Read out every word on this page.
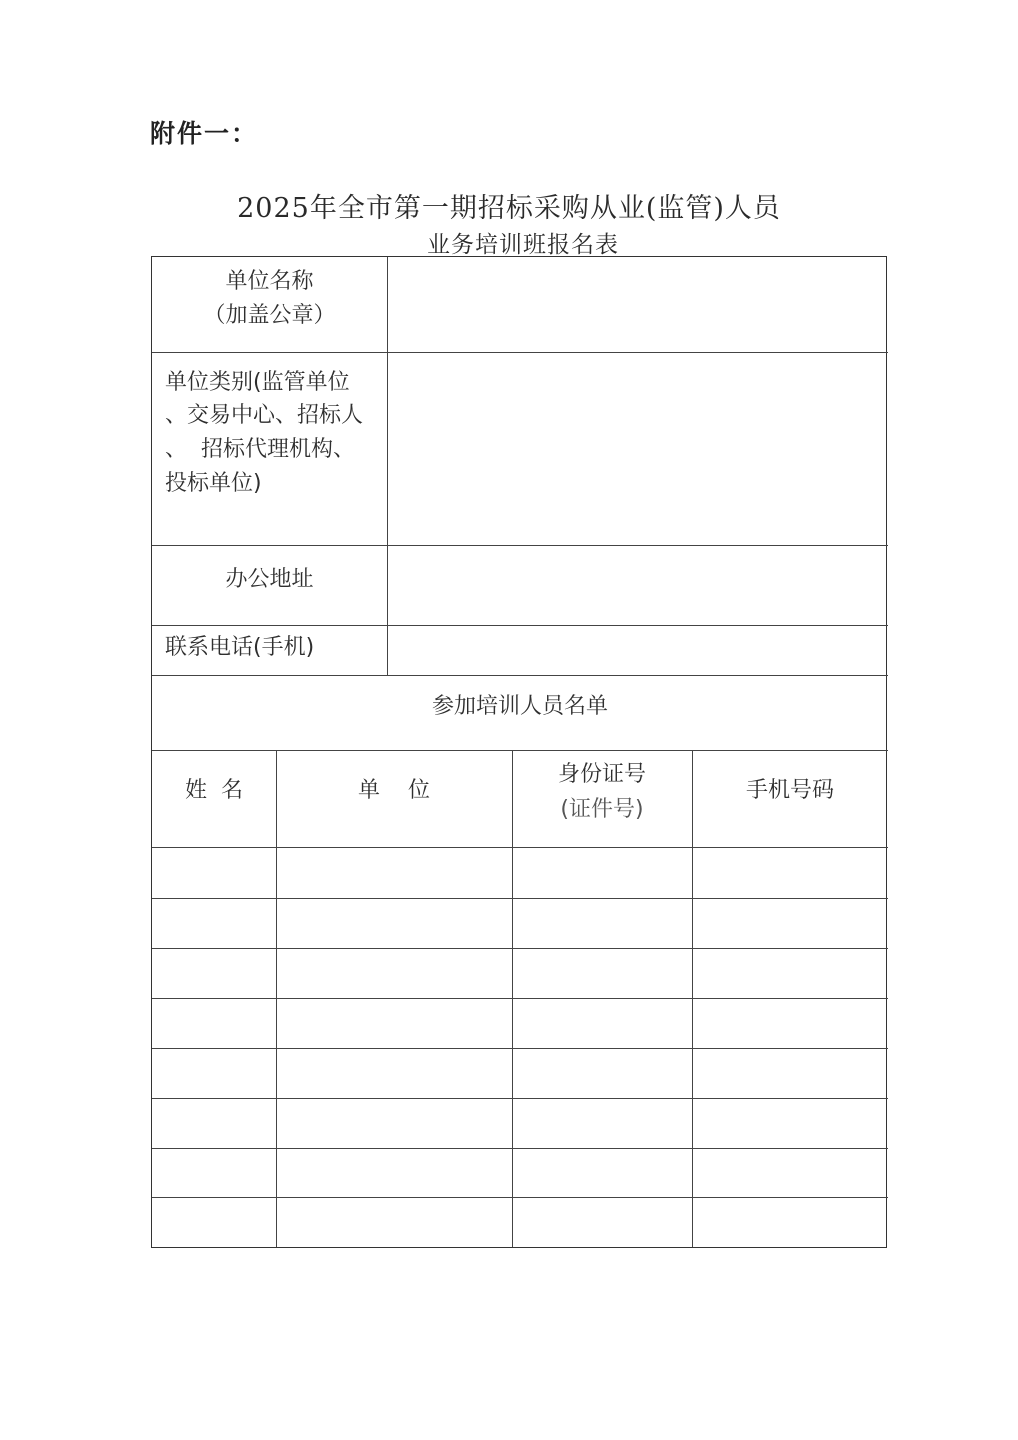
附件一：
2025年全市第一期招标采购从业(监管)人员
业务培训班报名表
单位名称
（加盖公章）
单位类别(监管单位
、交易中心、招标人
、  招标代理机构、
投标单位)
办公地址
联系电话(手机)
参加培训人员名单
姓  名	单    位
身份证号
(证件号)
手机号码
